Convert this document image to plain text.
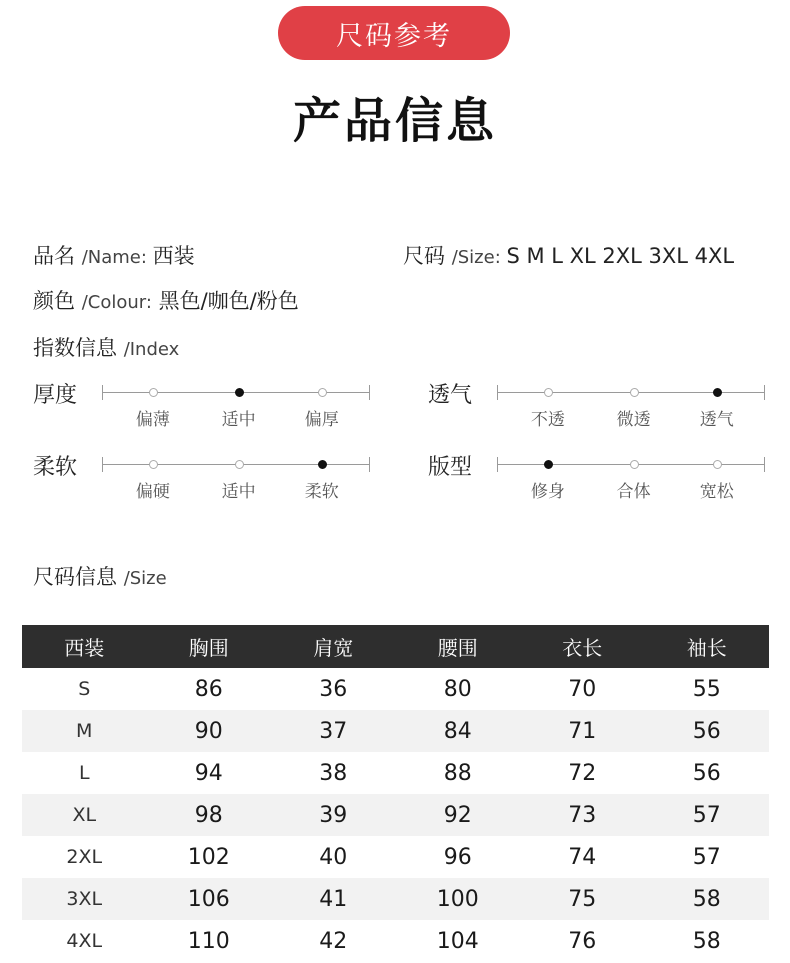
尺码参考
产品信息
品名 /Name: 西装	尺码 /Size: S M L XL 2XL 3XL 4XL
颜色 /Colour: 黑色/咖色/粉色
指数信息 /Index
厚度
偏薄	适中	偏厚
透气
不透	微透	透气
柔软
偏硬	适中	柔软
版型
修身	合体	宽松
尺码信息 /Size
西装	胸围	肩宽	腰围	衣长	袖长
S	86	36	80	70	55
M	90	37	84	71	56
L	94	38	88	72	56
XL	98	39	92	73	57
2XL	102	40	96	74	57
3XL	106	41	100	75	58
4XL	110	42	104	76	58
